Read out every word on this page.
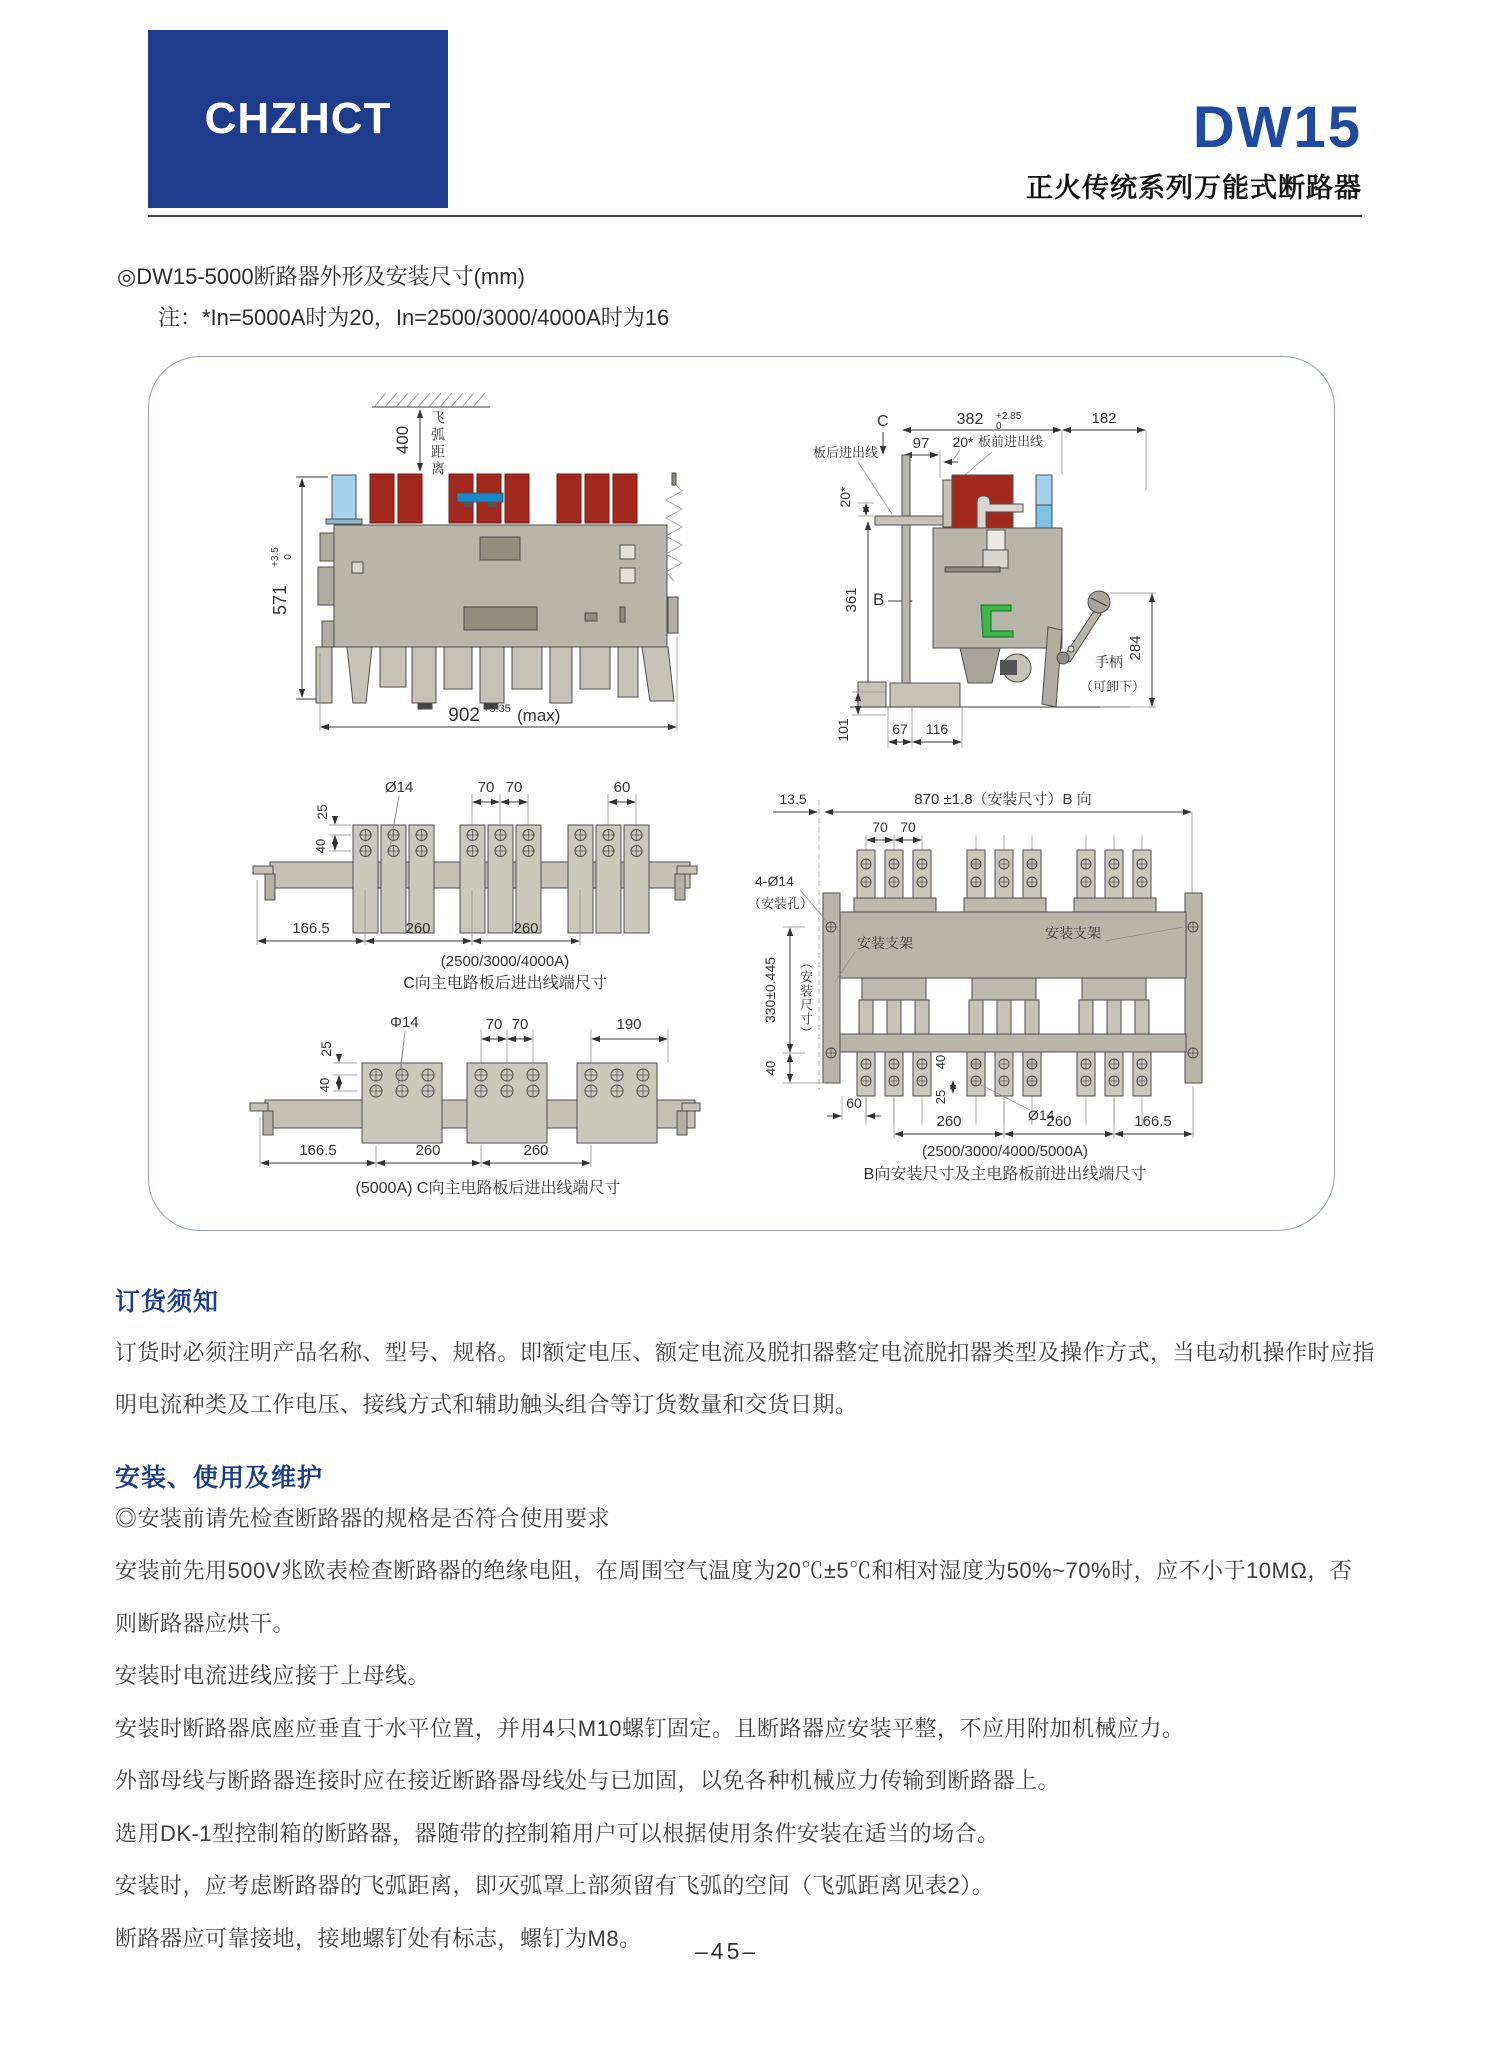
CHZHCT	DW15
正火传统系列万能式断路器
◎DW15-5000断路器外形及安装尺寸(mm)
注：*In=5000A时为20，In=2500/3000/4000A时为16
400
571
+3.5 0
902 +5.35 (max)
飞弧距离	C	382 +2.85
0	182
97 20* 板前进出线
板后进出线
20*
361 B
手柄
（可卸下）
284
101	67 116
Ø14
25
40
70 70	60
166.5	260	260
(2500/3000/4000A)
C向主电路板后进出线端尺寸
Φ14
25
40
70 70	190
166.5	260	260
(5000A) C向主电路板后进出线端尺寸
13.5	870 ±1.8（安装尺寸）B 向
70 70
4-Ø14
（安装孔）
330±0.445
40
安装支架
安装支架
60	25
40
Ø14
260	260	166.5
(2500/3000/4000/5000A)
B向安装尺寸及主电路板前进出线端尺寸
（安装尺寸）
订货须知
订货时必须注明产品名称、型号、规格。即额定电压、额定电流及脱扣器整定电流脱扣器类型及操作方式，当电动机操作时应指
明电流种类及工作电压、接线方式和辅助触头组合等订货数量和交货日期。
安装、使用及维护
◎安装前请先检查断路器的规格是否符合使用要求
安装前先用500V兆欧表检查断路器的绝缘电阻，在周围空气温度为20℃±5℃和相对湿度为50%~70%时，应不小于10MΩ，否
则断路器应烘干。
安装时电流进线应接于上母线。
安装时断路器底座应垂直于水平位置，并用4只M10螺钉固定。且断路器应安装平整，不应用附加机械应力。
外部母线与断路器连接时应在接近断路器母线处与已加固，以免各种机械应力传输到断路器上。
选用DK-1型控制箱的断路器，器随带的控制箱用户可以根据使用条件安装在适当的场合。
安装时，应考虑断路器的飞弧距离，即灭弧罩上部须留有飞弧的空间（飞弧距离见表2）。
断路器应可靠接地，接地螺钉处有标志，螺钉为M8。	–45–
